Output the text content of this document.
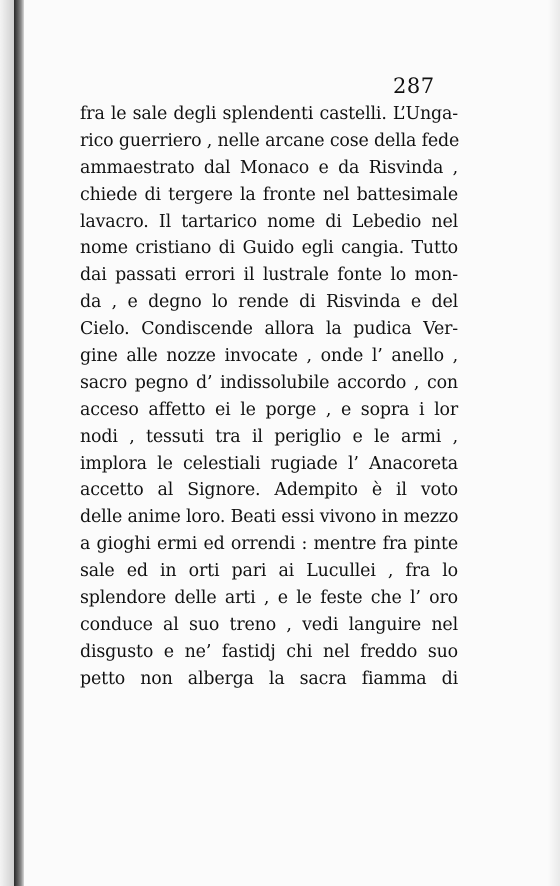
287
fra le sale degli splendenti castelli. L’Unga-
rico guerriero , nelle arcane cose della fede
ammaestrato dal Monaco e da Risvinda ,
chiede di tergere la fronte nel battesimale
lavacro. Il tartarico nome di Lebedio nel
nome cristiano di Guido egli cangia. Tutto
dai passati errori il lustrale fonte lo mon-
da , e degno lo rende di Risvinda e del
Cielo. Condiscende allora la pudica Ver-
gine alle nozze invocate , onde l’ anello ,
sacro pegno d’ indissolubile accordo , con
acceso affetto ei le porge , e sopra i lor
nodi , tessuti tra il periglio e le armi ,
implora le celestiali rugiade l’ Anacoreta
accetto al Signore. Adempito è il voto
delle anime loro. Beati essi vivono in mezzo
a gioghi ermi ed orrendi : mentre fra pinte
sale ed in orti pari ai Lucullei , fra lo
splendore delle arti , e le feste che l’ oro
conduce al suo treno , vedi languire nel
disgusto e ne’ fastidj chi nel freddo suo
petto non alberga la sacra fiamma di
